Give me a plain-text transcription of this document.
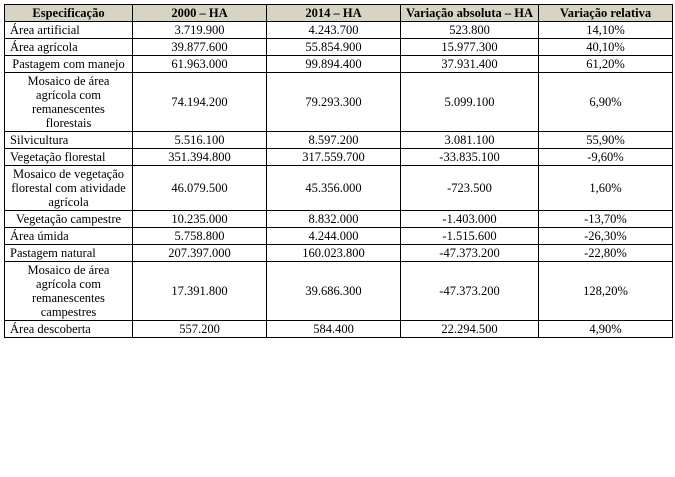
Especificação	2000 – HA	2014 – HA	Variação absoluta – HA	Variação relativa
Área artificial	3.719.900	4.243.700	523.800	14,10%
Área agrícola	39.877.600	55.854.900	15.977.300	40,10%
Pastagem com manejo	61.963.000	99.894.400	37.931.400	61,20%
Mosaico de área agrícola com remanescentes florestais	74.194.200	79.293.300	5.099.100	6,90%
Silvicultura	5.516.100	8.597.200	3.081.100	55,90%
Vegetação florestal	351.394.800	317.559.700	-33.835.100	-9,60%
Mosaico de vegetação florestal com atividade agrícola	46.079.500	45.356.000	-723.500	1,60%
Vegetação campestre	10.235.000	8.832.000	-1.403.000	-13,70%
Área úmida	5.758.800	4.244.000	-1.515.600	-26,30%
Pastagem natural	207.397.000	160.023.800	-47.373.200	-22,80%
Mosaico de área agrícola com remanescentes campestres	17.391.800	39.686.300	-47.373.200	128,20%
Área descoberta	557.200	584.400	22.294.500	4,90%
